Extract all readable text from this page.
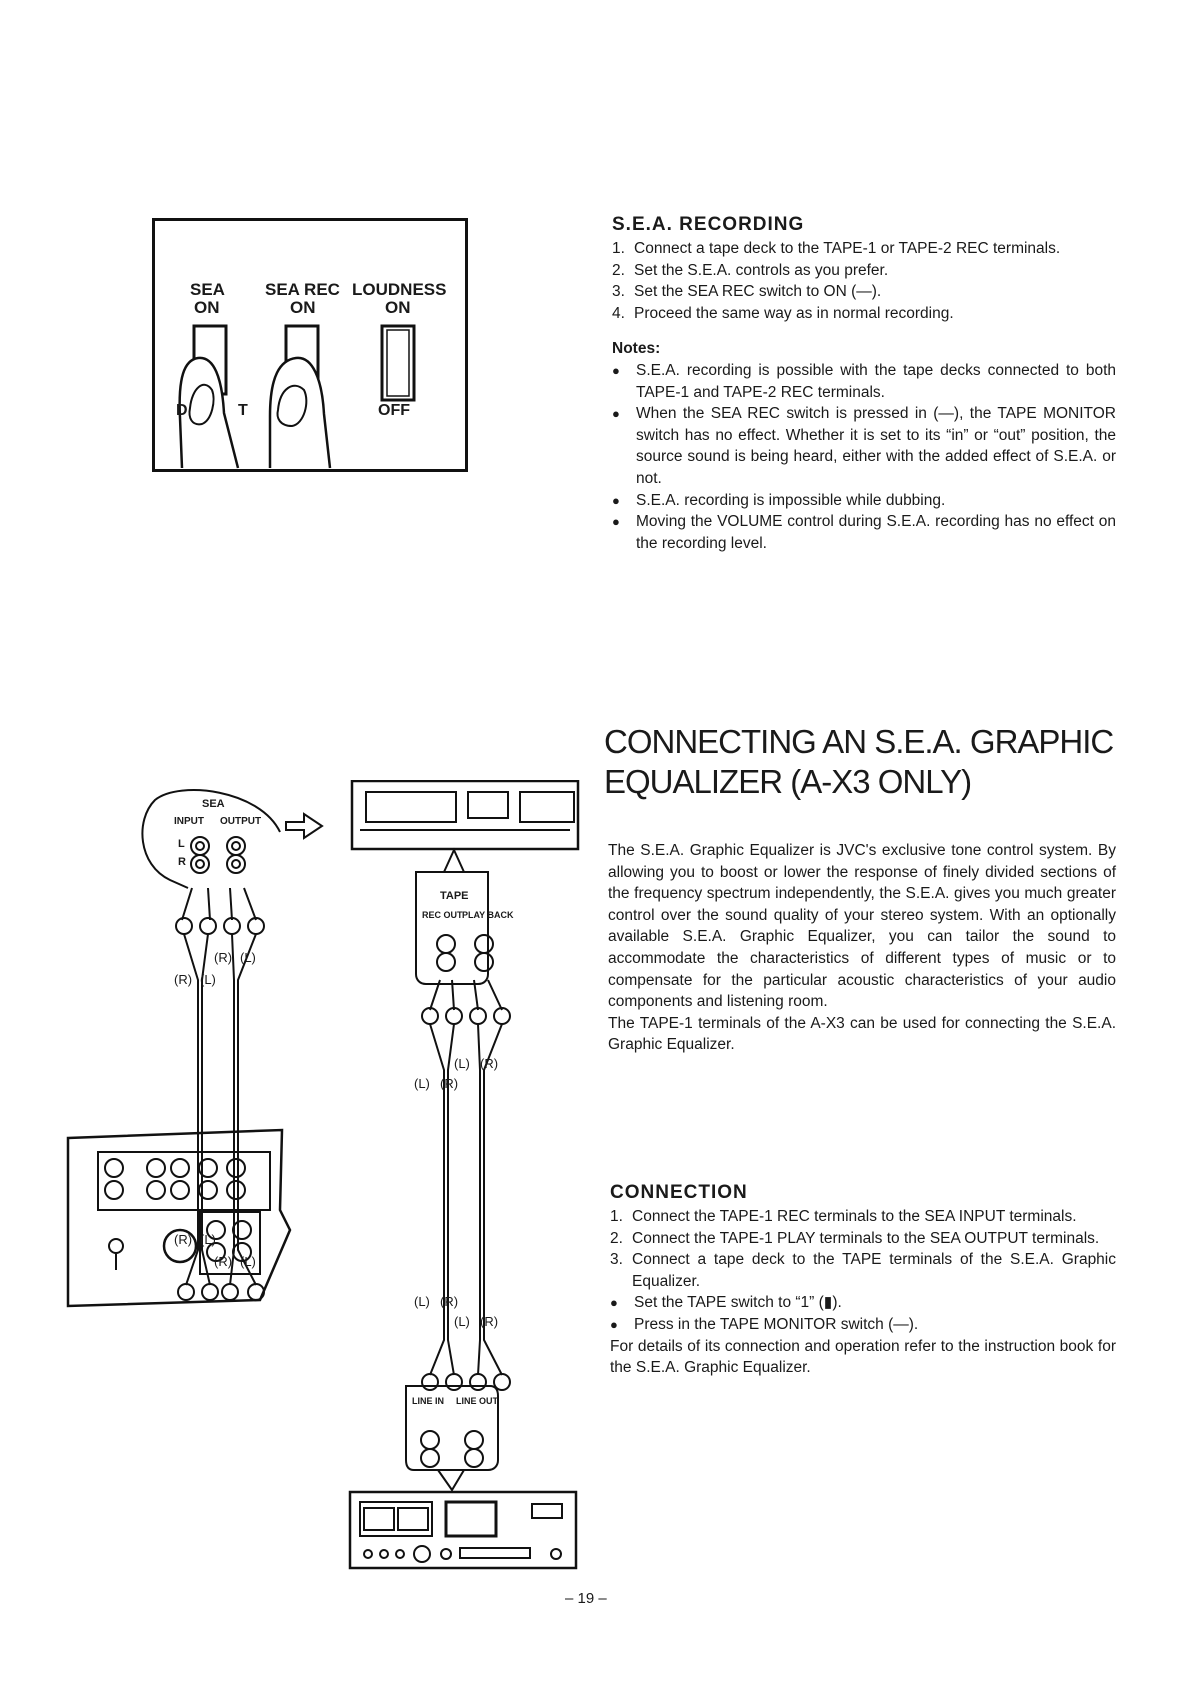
SEA
ON
SEA REC
ON
LOUDNESS
ON
OFF
D	T
S.E.A. RECORDING
1. Connect a tape deck to the TAPE-1 or TAPE-2 REC terminals.
2. Set the S.E.A. controls as you prefer.
3. Set the SEA REC switch to ON (—).
4. Proceed the same way as in normal recording.
Notes:
●	S.E.A. recording is possible with the tape decks connected to both TAPE-1 and TAPE-2 REC terminals.
●	When the SEA REC switch is pressed in (—), the TAPE MONITOR switch has no effect. Whether it is set to its “in” or “out” position, the source sound is being heard, either with the added effect of S.E.A. or not.
●	S.E.A. recording is impossible while dubbing.
●	Moving the VOLUME control during S.E.A. recording has no effect on the recording level.
CONNECTING AN S.E.A. GRAPHIC
EQUALIZER (A-X3 ONLY)
The S.E.A. Graphic Equalizer is JVC's exclusive tone control system. By allowing you to boost or lower the response of finely divided sections of the frequency spectrum independently, the S.E.A. gives you much greater control over the sound quality of your stereo system. With an optionally available S.E.A. Graphic Equalizer, you can tailor the sound to accommodate the characteristics of different types of music or to compensate for the particular acoustic characteristics of your audio components and listening room.
The TAPE-1 terminals of the A-X3 can be used for connecting the S.E.A. Graphic Equalizer.
CONNECTION
1. Connect the TAPE-1 REC terminals to the SEA INPUT terminals.
2. Connect the TAPE-1 PLAY terminals to the SEA OUTPUT terminals.
3. Connect a tape deck to the TAPE terminals of the S.E.A. Graphic Equalizer.
●	Set the TAPE switch to “1” (▮).
●	Press in the TAPE MONITOR switch (—).
For details of its connection and operation refer to the instruction book for the S.E.A. Graphic Equalizer.
SEA
INPUT OUTPUT
L
R
TAPE
REC OUT PLAY BACK
LINE IN LINE OUT
(R) (L)
(R) (L)
(R) (L)
(R) (L)
(L) (R)
(L) (R)
(L) (R)
(L) (R)
– 19 –
